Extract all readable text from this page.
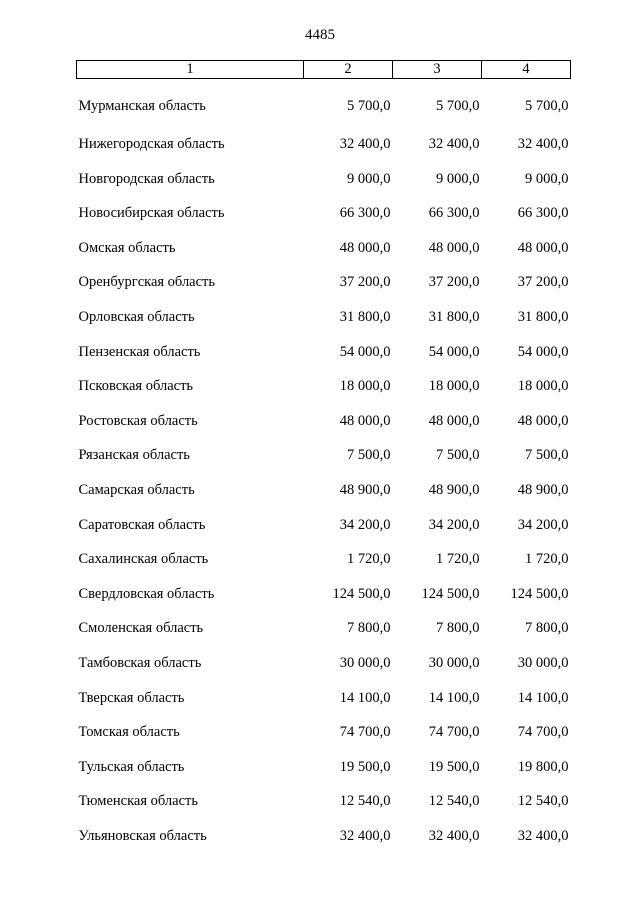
4485
1	2	3	4
Мурманская область	5 700,0	5 700,0	5 700,0
Нижегородская область	32 400,0	32 400,0	32 400,0
Новгородская область	9 000,0	9 000,0	9 000,0
Новосибирская область	66 300,0	66 300,0	66 300,0
Омская область	48 000,0	48 000,0	48 000,0
Оренбургская область	37 200,0	37 200,0	37 200,0
Орловская область	31 800,0	31 800,0	31 800,0
Пензенская область	54 000,0	54 000,0	54 000,0
Псковская область	18 000,0	18 000,0	18 000,0
Ростовская область	48 000,0	48 000,0	48 000,0
Рязанская область	7 500,0	7 500,0	7 500,0
Самарская область	48 900,0	48 900,0	48 900,0
Саратовская область	34 200,0	34 200,0	34 200,0
Сахалинская область	1 720,0	1 720,0	1 720,0
Свердловская область	124 500,0	124 500,0	124 500,0
Смоленская область	7 800,0	7 800,0	7 800,0
Тамбовская область	30 000,0	30 000,0	30 000,0
Тверская область	14 100,0	14 100,0	14 100,0
Томская область	74 700,0	74 700,0	74 700,0
Тульская область	19 500,0	19 500,0	19 800,0
Тюменская область	12 540,0	12 540,0	12 540,0
Ульяновская область	32 400,0	32 400,0	32 400,0
